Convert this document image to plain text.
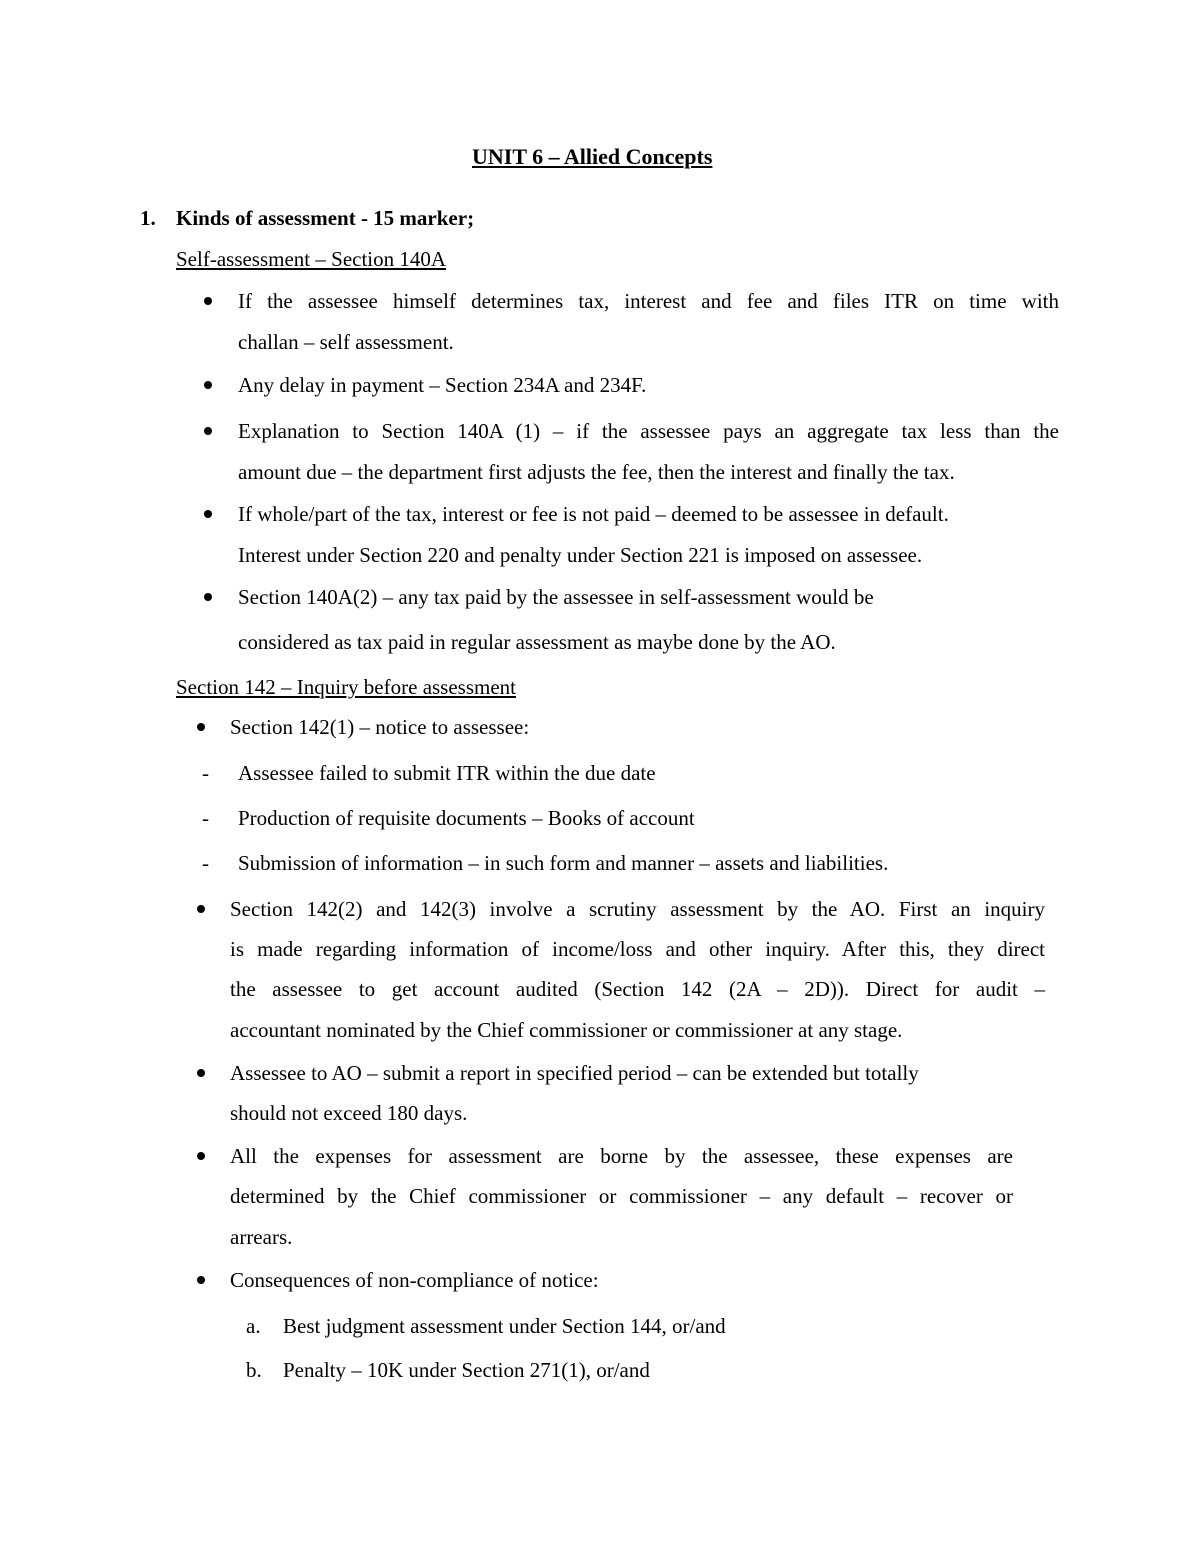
UNIT 6 – Allied Concepts
1. Kinds of assessment - 15 marker;
Self-assessment – Section 140A
If the assessee himself determines tax, interest and fee and files ITR on time with
challan – self assessment.
Any delay in payment – Section 234A and 234F.
Explanation to Section 140A (1) – if the assessee pays an aggregate tax less than the
amount due – the department first adjusts the fee, then the interest and finally the tax.
If whole/part of the tax, interest or fee is not paid – deemed to be assessee in default.
Interest under Section 220 and penalty under Section 221 is imposed on assessee.
Section 140A(2) – any tax paid by the assessee in self-assessment would be
considered as tax paid in regular assessment as maybe done by the AO.
Section 142 – Inquiry before assessment
Section 142(1) – notice to assessee:
- Assessee failed to submit ITR within the due date
- Production of requisite documents – Books of account
- Submission of information – in such form and manner – assets and liabilities.
Section 142(2) and 142(3) involve a scrutiny assessment by the AO. First an inquiry
is made regarding information of income/loss and other inquiry. After this, they direct
the assessee to get account audited (Section 142 (2A – 2D)). Direct for audit –
accountant nominated by the Chief commissioner or commissioner at any stage.
Assessee to AO – submit a report in specified period – can be extended but totally
should not exceed 180 days.
All the expenses for assessment are borne by the assessee, these expenses are
determined by the Chief commissioner or commissioner – any default – recover or
arrears.
Consequences of non-compliance of notice:
a. Best judgment assessment under Section 144, or/and
b. Penalty – 10K under Section 271(1), or/and
